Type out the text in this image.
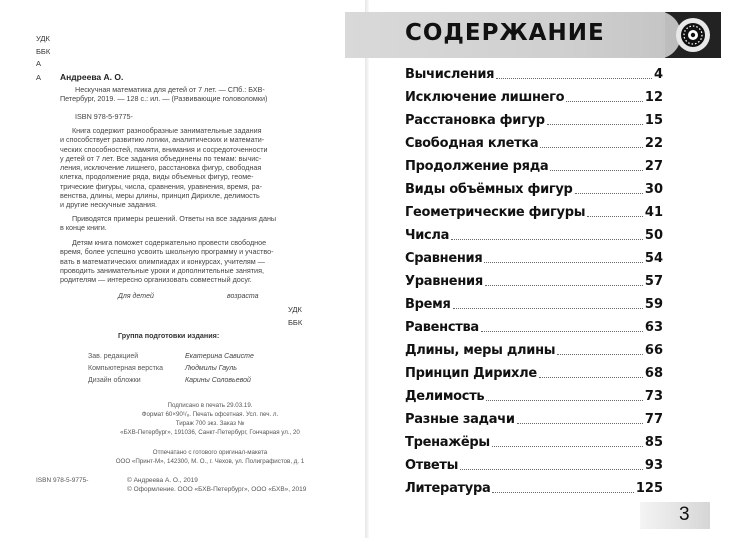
УДК
ББК
А
А Андреева А. О.
Нескучная математика для детей от 7 лет. — СПб.: БХВ-
Петербург, 2019. — 128 с.: ил. — (Развивающие головоломки)
ISBN 978-5-9775-
Книга содержит разнообразные занимательные задания
и способствует развитию логики, аналитических и математи-
ческих способностей, памяти, внимания и сосредоточенности
у детей от 7 лет. Все задания объединены по темам: вычис-
ления, исключение лишнего, расстановка фигур, свободная
клетка, продолжение ряда, виды объемных фигур, геоме-
трические фигуры, числа, сравнения, уравнения, время, ра-
венства, длины, меры длины, принцип Дирихле, делимость
и другие нескучные задания.
Приводятся примеры решений. Ответы на все задания даны
в конце книги.
Детям книга поможет содержательно провести свободное
время, более успешно усвоить школьную программу и участво-
вать в математических олимпиадах и конкурсах, учителям —
проводить занимательные уроки и дополнительные занятия,
родителям — интересно организовать совместный досуг.
Для детей	возраста
УДК
ББК
Группа подготовки издания:
Зав. редакцией	Екатерина Сависте
Компьютерная верстка	Людмилы Гауль
Дизайн обложки	Карины Соловьевой
Подписано в печать 29.03.19.
Формат 60×90¹/₈. Печать офсетная. Усл. печ. л.
Тираж 700 экз. Заказ №
«БХВ-Петербург», 191036, Санкт-Петербург, Гончарная ул., 20
Отпечатано с готового оригинал-макета
ООО «Принт-М», 142300, М. О., г. Чехов, ул. Полиграфистов, д. 1
ISBN 978-5-9775-	© Андреева А. О., 2019
© Оформление. ООО «БХВ-Петербург», ООО «БХВ», 2019
СОДЕРЖАНИЕ
Вычисления	4
Исключение лишнего	12
Расстановка фигур	15
Свободная клетка	22
Продолжение ряда	27
Виды объёмных фигур	30
Геометрические фигуры	41
Числа	50
Сравнения	54
Уравнения	57
Время	59
Равенства	63
Длины, меры длины	66
Принцип Дирихле	68
Делимость	73
Разные задачи	77
Тренажёры	85
Ответы	93
Литература	125
3
